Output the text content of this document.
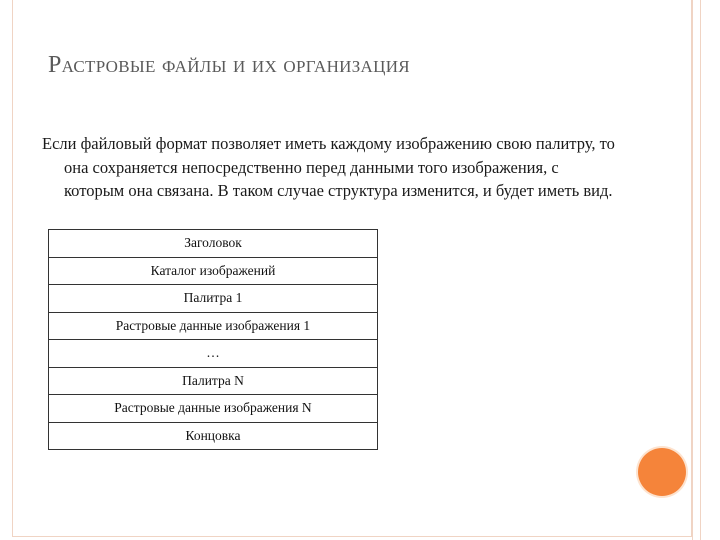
Растровые файлы и их организация
Если файловый формат позволяет иметь каждому изображению свою палитру, то она сохраняется непосредственно перед данными того изображения, с которым она связана. В таком случае структура изменится, и будет иметь вид.
Заголовок
Каталог изображений
Палитра 1
Растровые данные изображения 1
…
Палитра N
Растровые данные изображения N
Концовка
